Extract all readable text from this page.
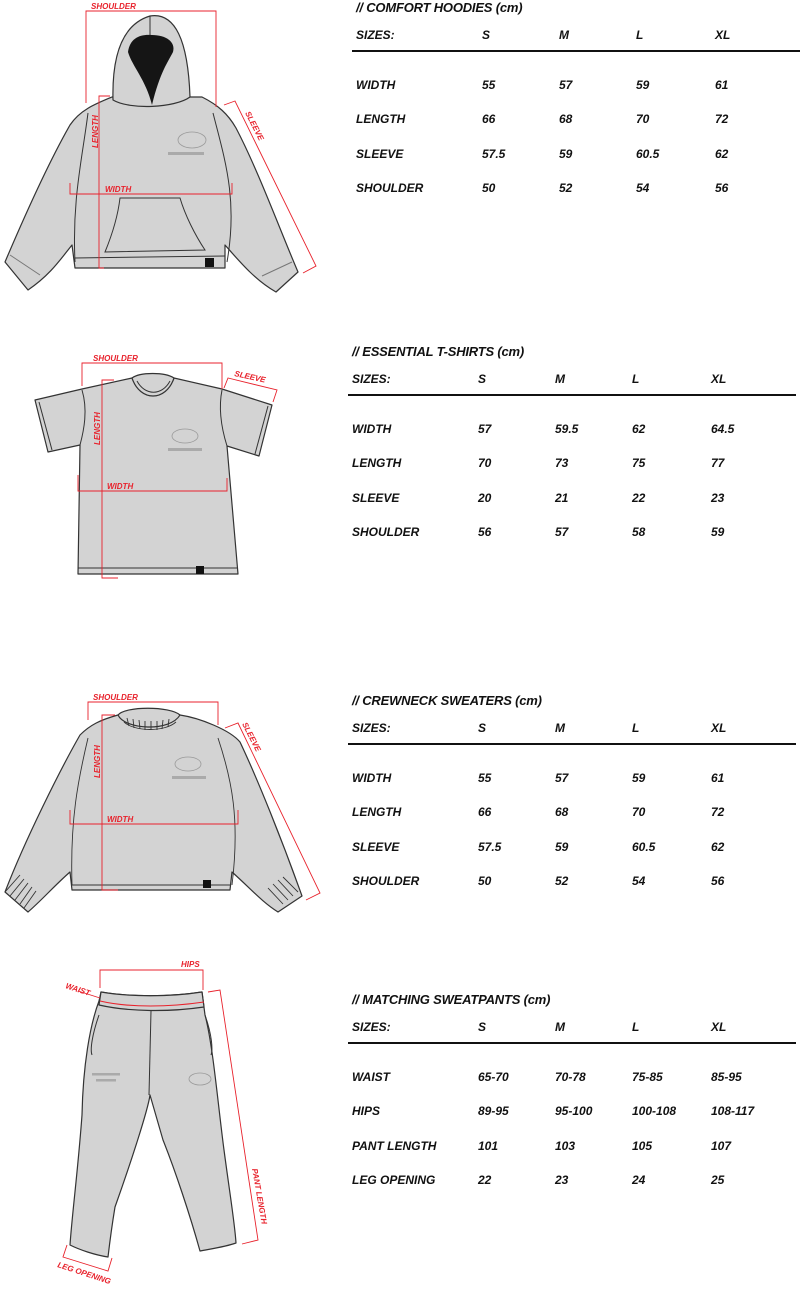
SHOULDER
WIDTH
LENGTH	SLEEVE
// COMFORT HOODIES (cm)
SIZES:	S	M	L	XL
WIDTH	55	57	59	61
LENGTH	66	68	70	72
SLEEVE	57.5	59	60.5	62
SHOULDER	50	52	54	56
SHOULDER
WIDTH
LENGTH
SLEEVE
// ESSENTIAL T-SHIRTS (cm)
SIZES:	S	M	L	XL
WIDTH	57	59.5	62	64.5
LENGTH	70	73	75	77
SLEEVE	20	21	22	23
SHOULDER	56	57	58	59
SHOULDER
WIDTH
LENGTH
SLEEVE
// CREWNECK SWEATERS (cm)
SIZES:	S	M	L	XL
WIDTH	55	57	59	61
LENGTH	66	68	70	72
SLEEVE	57.5	59	60.5	62
SHOULDER	50	52	54	56
HIPS
WAIST
PANT LENGTH
LEG OPENING
// MATCHING SWEATPANTS (cm)
SIZES:	S	M	L	XL
WAIST	65-70	70-78	75-85	85-95
HIPS	89-95	95-100	100-108	108-117
PANT LENGTH	101	103	105	107
LEG OPENING	22	23	24	25
